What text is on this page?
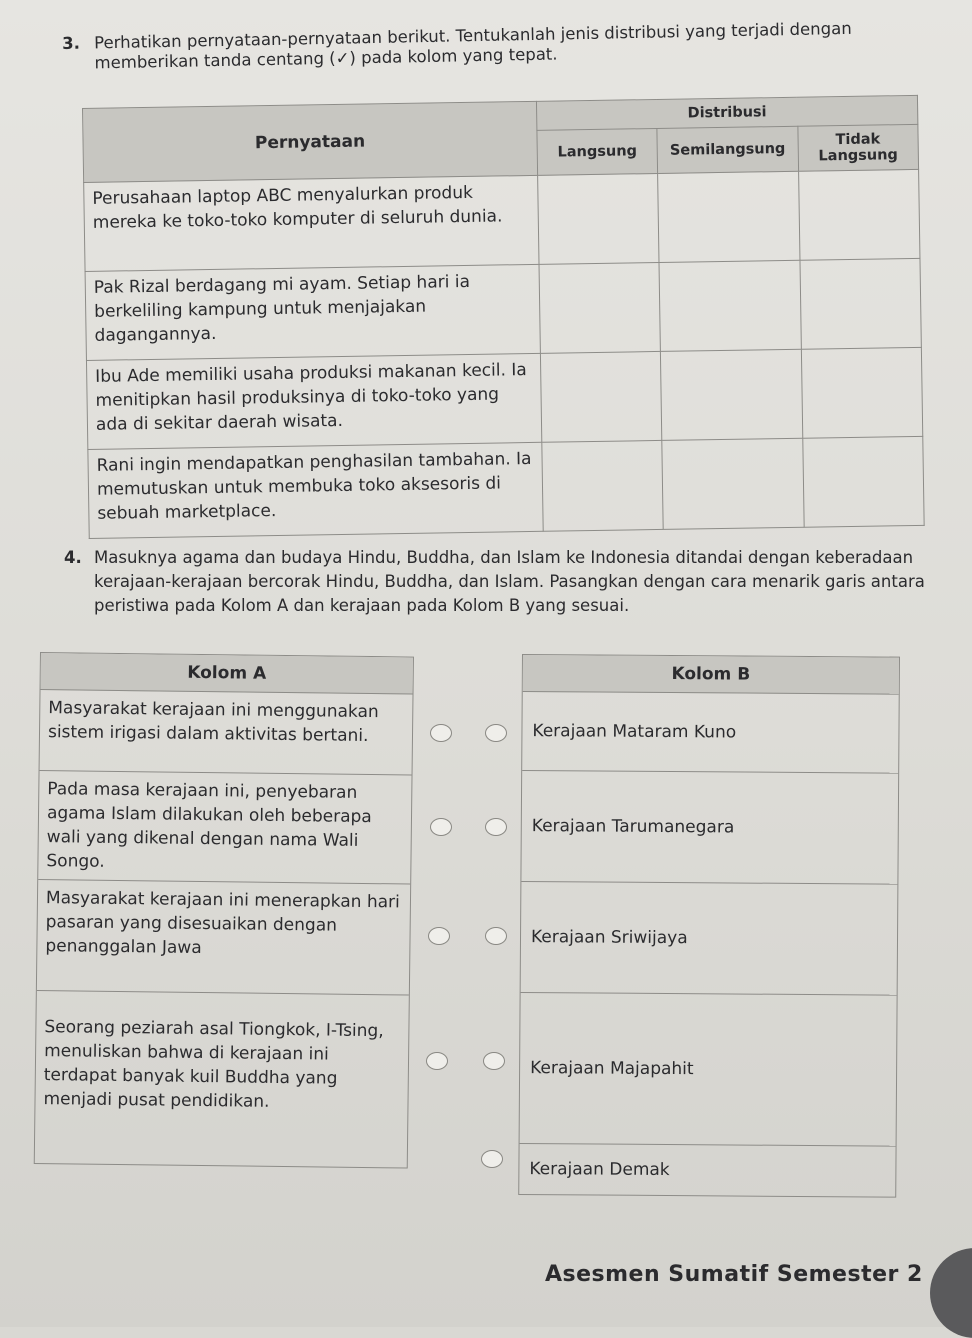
3. Perhatikan pernyataan-pernyataan berikut. Tentukanlah jenis distribusi yang terjadi dengan memberikan tanda centang (✓) pada kolom yang tepat.
Pernyataan	Distribusi		
	Langsung	Semilangsung	Tidak Langsung
Perusahaan laptop ABC menyalurkan produk mereka ke toko-toko komputer di seluruh dunia.			
Pak Rizal berdagang mi ayam. Setiap hari ia berkeliling kampung untuk menjajakan dagangannya.			
Ibu Ade memiliki usaha produksi makanan kecil. Ia menitipkan hasil produksinya di toko-toko yang ada di sekitar daerah wisata.			
Rani ingin mendapatkan penghasilan tambahan. Ia memutuskan untuk membuka toko aksesoris di sebuah marketplace.			
4. Masuknya agama dan budaya Hindu, Buddha, dan Islam ke Indonesia ditandai dengan keberadaan kerajaan-kerajaan bercorak Hindu, Buddha, dan Islam. Pasangkan dengan cara menarik garis antara peristiwa pada Kolom A dan kerajaan pada Kolom B yang sesuai.
Kolom A
Masyarakat kerajaan ini menggunakan sistem irigasi dalam aktivitas bertani.
Pada masa kerajaan ini, penyebaran agama Islam dilakukan oleh beberapa wali yang dikenal dengan nama Wali Songo.
Masyarakat kerajaan ini menerapkan hari pasaran yang disesuaikan dengan penanggalan Jawa
Seorang peziarah asal Tiongkok, I-Tsing, menuliskan bahwa di kerajaan ini terdapat banyak kuil Buddha yang menjadi pusat pendidikan.
Kolom B
Kerajaan Mataram Kuno
Kerajaan Tarumanegara
Kerajaan Sriwijaya
Kerajaan Majapahit
Kerajaan Demak
Asesmen Sumatif Semester 2
